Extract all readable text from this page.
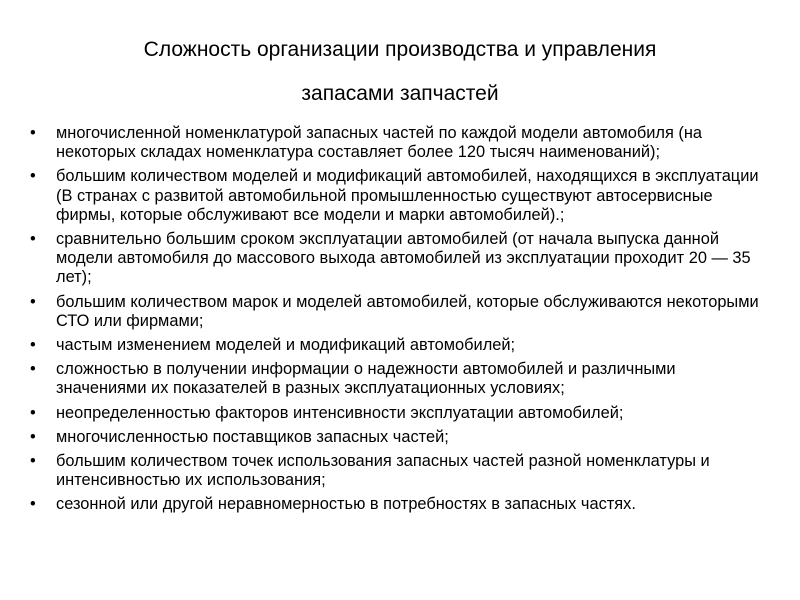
Сложность организации производства и управления
запасами запчастей
•	многочисленной номенклатурой запасных частей по каждой модели автомобиля (на некоторых складах номенклатура составляет более 120 тысяч наименований);
•	большим количеством моделей и модификаций автомобилей, находящихся в эксплуатации (В странах с развитой автомобильной промышленностью существуют автосервисные фирмы, которые обслуживают все модели и марки автомобилей).;
•	сравнительно большим сроком эксплуатации автомобилей (от начала выпуска данной модели автомобиля до массового выхода автомобилей из эксплуатации проходит 20 — 35 лет);
•	большим количеством марок и моделей автомобилей, которые обслуживаются некоторыми СТО или фирмами;
•	частым изменением моделей и модификаций автомобилей;
•	сложностью в получении информации о надежности автомобилей и различными значениями их показателей в разных эксплуатационных условиях;
•	неопределенностью факторов интенсивности эксплуатации автомобилей;
•	многочисленностью поставщиков запасных частей;
•	большим количеством точек использования запасных частей разной номенклатуры и интенсивностью их использования;
•	сезонной или другой неравномерностью в потребностях в запасных частях.
